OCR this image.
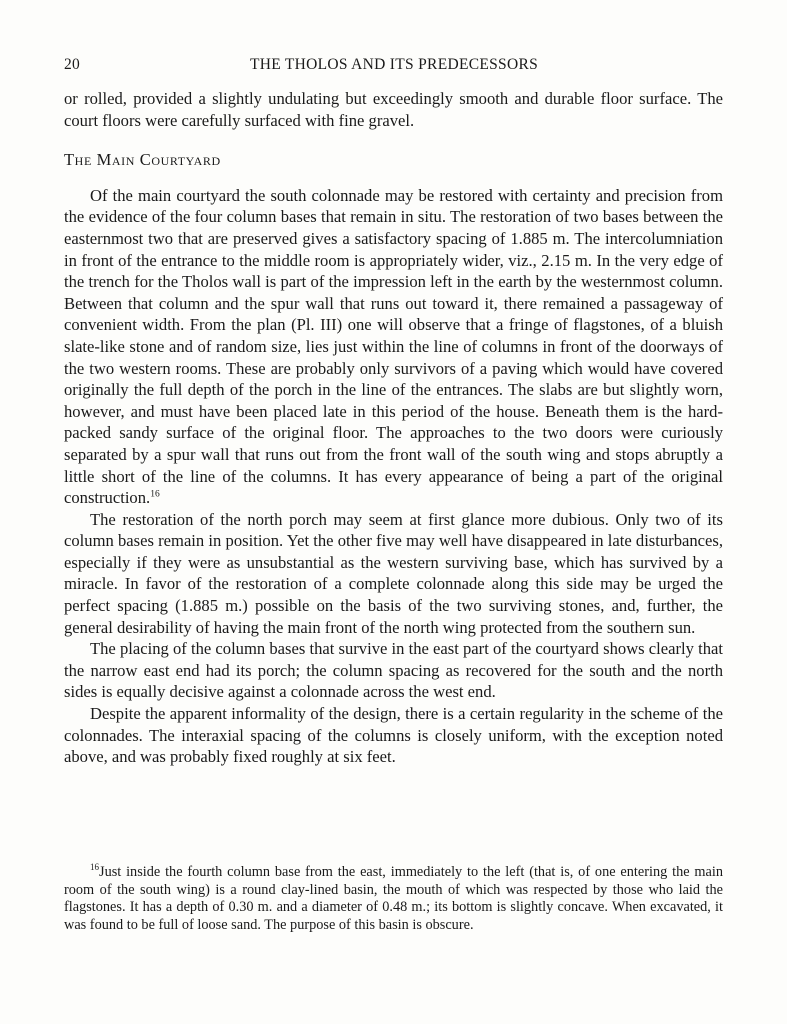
20	THE THOLOS AND ITS PREDECESSORS

or rolled, provided a slightly undulating but exceedingly smooth and durable floor surface. The court floors were carefully surfaced with fine gravel.

The Main Courtyard

Of the main courtyard the south colonnade may be restored with certainty and precision from the evidence of the four column bases that remain in situ. The restoration of two bases between the easternmost two that are preserved gives a satisfactory spacing of 1.885 m. The intercolumniation in front of the entrance to the middle room is appropriately wider, viz., 2.15 m. In the very edge of the trench for the Tholos wall is part of the impression left in the earth by the westernmost column. Between that column and the spur wall that runs out toward it, there remained a passageway of convenient width. From the plan (Pl. III) one will observe that a fringe of flagstones, of a bluish slate-like stone and of random size, lies just within the line of columns in front of the doorways of the two western rooms. These are probably only survivors of a paving which would have covered originally the full depth of the porch in the line of the entrances. The slabs are but slightly worn, however, and must have been placed late in this period of the house. Beneath them is the hard-packed sandy surface of the original floor. The approaches to the two doors were curiously separated by a spur wall that runs out from the front wall of the south wing and stops abruptly a little short of the line of the columns. It has every appearance of being a part of the original construction.$^{16}$

The restoration of the north porch may seem at first glance more dubious. Only two of its column bases remain in position. Yet the other five may well have disappeared in late disturbances, especially if they were as unsubstantial as the western surviving base, which has survived by a miracle. In favor of the restoration of a complete colonnade along this side may be urged the perfect spacing (1.885 m.) possible on the basis of the two surviving stones, and, further, the general desirability of having the main front of the north wing protected from the southern sun.

The placing of the column bases that survive in the east part of the courtyard shows clearly that the narrow east end had its porch; the column spacing as recovered for the south and the north sides is equally decisive against a colonnade across the west end.

Despite the apparent informality of the design, there is a certain regularity in the scheme of the colonnades. The interaxial spacing of the columns is closely uniform, with the exception noted above, and was probably fixed roughly at six feet.

$^{16}$Just inside the fourth column base from the east, immediately to the left (that is, of one entering the main room of the south wing) is a round clay-lined basin, the mouth of which was respected by those who laid the flagstones. It has a depth of 0.30 m. and a diameter of 0.48 m.; its bottom is slightly concave. When excavated, it was found to be full of loose sand. The purpose of this basin is obscure.
